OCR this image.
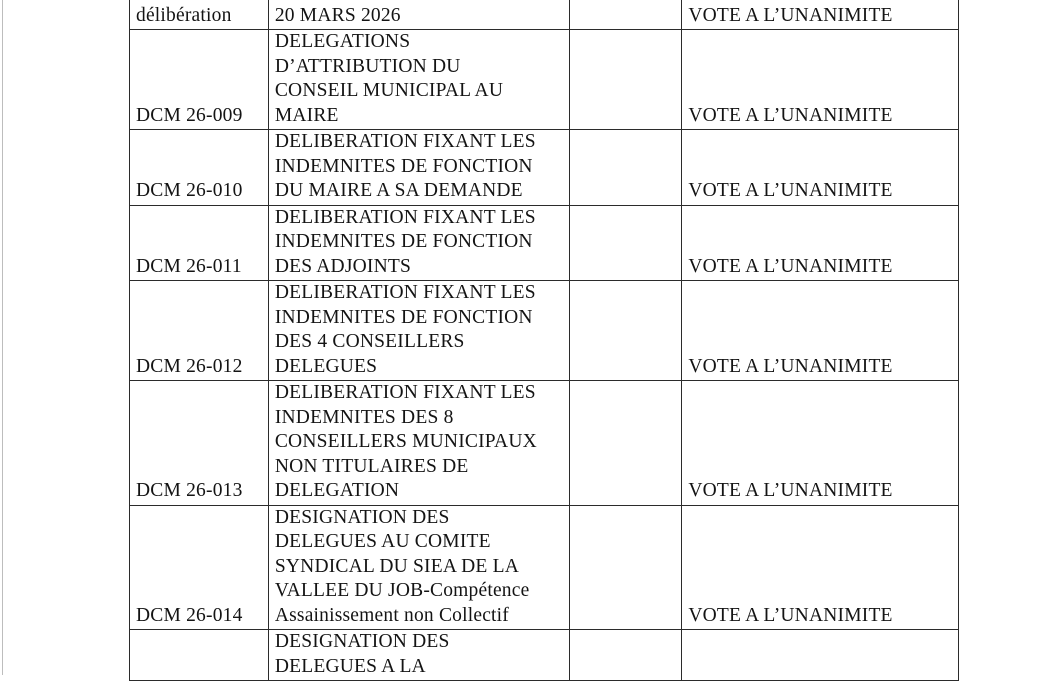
délibération	20 MARS 2026		VOTE A L’UNANIMITE

DCM 26-009	DELEGATIONS
D’ATTRIBUTION DU
CONSEIL MUNICIPAL AU
MAIRE		VOTE A L’UNANIMITE

DCM 26-010	DELIBERATION FIXANT LES
INDEMNITES DE FONCTION
DU MAIRE A SA DEMANDE		VOTE A L’UNANIMITE

DCM 26-011	DELIBERATION FIXANT LES
INDEMNITES DE FONCTION
DES ADJOINTS		VOTE A L’UNANIMITE

DCM 26-012	DELIBERATION FIXANT LES
INDEMNITES DE FONCTION
DES 4 CONSEILLERS
DELEGUES		VOTE A L’UNANIMITE

DCM 26-013	DELIBERATION FIXANT LES
INDEMNITES DES 8
CONSEILLERS MUNICIPAUX
NON TITULAIRES DE
DELEGATION		VOTE A L’UNANIMITE

DCM 26-014	DESIGNATION DES
DELEGUES AU COMITE
SYNDICAL DU SIEA DE LA
VALLEE DU JOB-Compétence
Assainissement non Collectif		VOTE A L’UNANIMITE

	DESIGNATION DES
DELEGUES A LA		
